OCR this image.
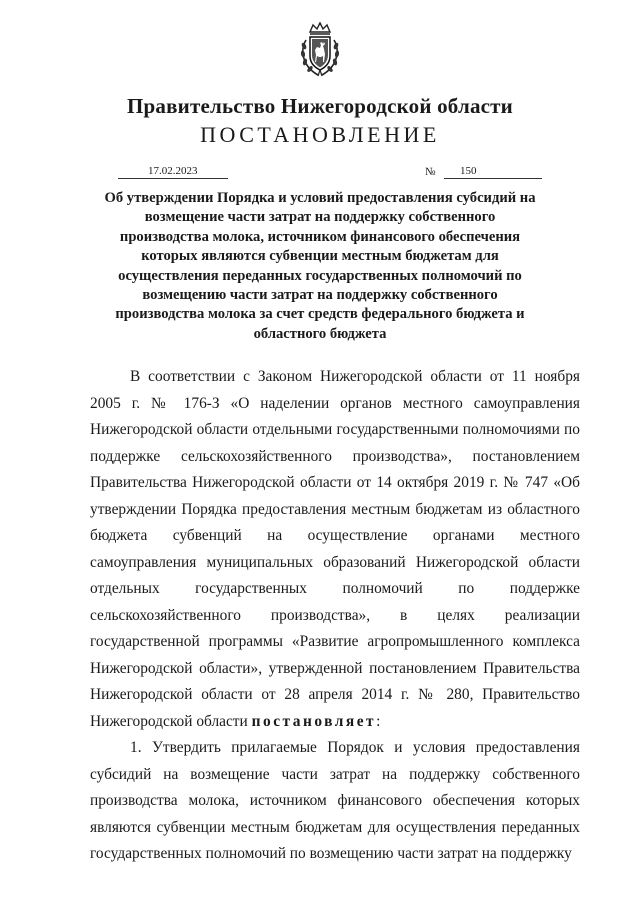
Правительство Нижегородской области
ПОСТАНОВЛЕНИЕ
17.02.2023	№	150
Об утверждении Порядка и условий предоставления субсидий на возмещение части затрат на поддержку собственного производства молока, источником финансового обеспечения которых являются субвенции местным бюджетам для осуществления переданных государственных полномочий по возмещению части затрат на поддержку собственного производства молока за счет средств федерального бюджета и областного бюджета

В соответствии с Законом Нижегородской области от 11 ноября 2005 г. № 176-З «О наделении органов местного самоуправления Нижегородской области отдельными государственными полномочиями по поддержке сельскохозяйственного производства», постановлением Правительства Нижегородской области от 14 октября 2019 г. № 747 «Об утверждении Порядка предоставления местным бюджетам из областного бюджета субвенций на осуществление органами местного самоуправления муниципальных образований Нижегородской области отдельных государственных полномочий по поддержке сельскохозяйственного производства», в целях реализации государственной программы «Развитие агропромышленного комплекса Нижегородской области», утвержденной постановлением Правительства Нижегородской области от 28 апреля 2014 г. № 280, Правительство Нижегородской области постановляет:

1. Утвердить прилагаемые Порядок и условия предоставления субсидий на возмещение части затрат на поддержку собственного производства молока, источником финансового обеспечения которых являются субвенции местным бюджетам для осуществления переданных государственных полномочий по возмещению части затрат на поддержку
